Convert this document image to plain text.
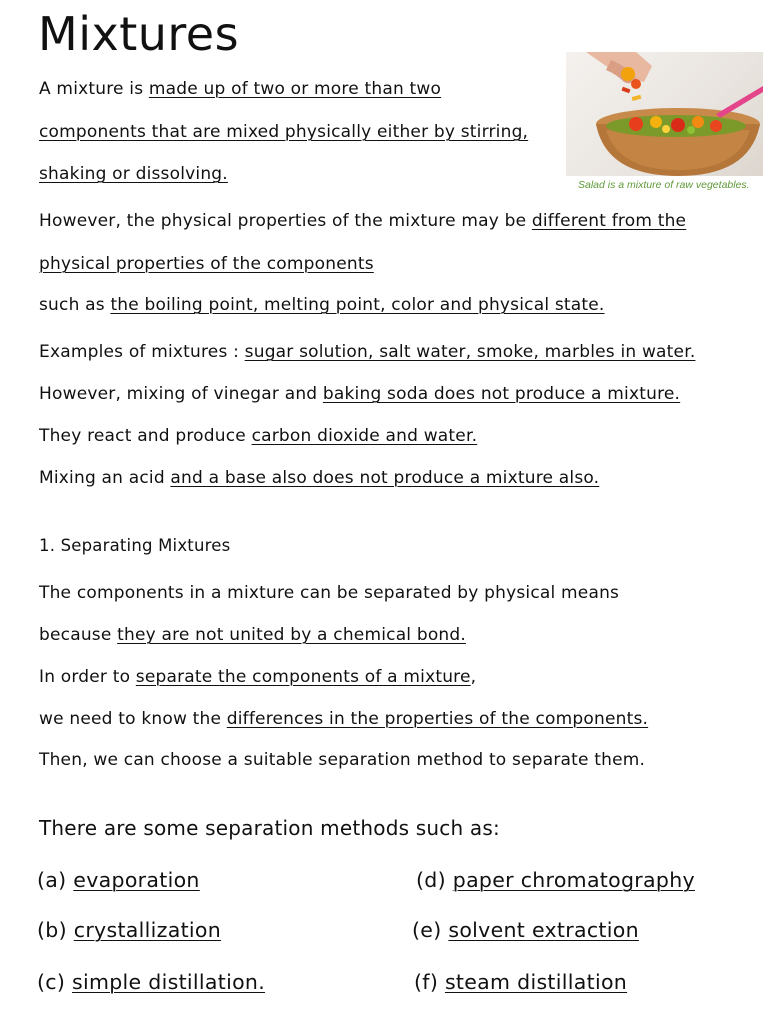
Mixtures

Salad is a mixture of raw vegetables.

A mixture is made up of two or more than two

components that are mixed physically either by stirring,

shaking or dissolving.

However, the physical properties of the mixture may be different from the

physical properties of the components

such as the boiling point, melting point, color and physical state.

Examples of mixtures : sugar solution, salt water, smoke, marbles in water.

However, mixing of vinegar and baking soda does not produce a mixture.

They react and produce carbon dioxide and water.

Mixing an acid and a base also does not produce a mixture also.

1. Separating Mixtures

The components in a mixture can be separated by physical means

because they are not united by a chemical bond.

In order to separate the components of a mixture,

we need to know the differences in the properties of the components.

Then, we can choose a suitable separation method to separate them.

There are some separation methods such as:

(a) evaporation

(b) crystallization

(c) simple distillation.

(d) paper chromatography

(e) solvent extraction

(f) steam distillation
